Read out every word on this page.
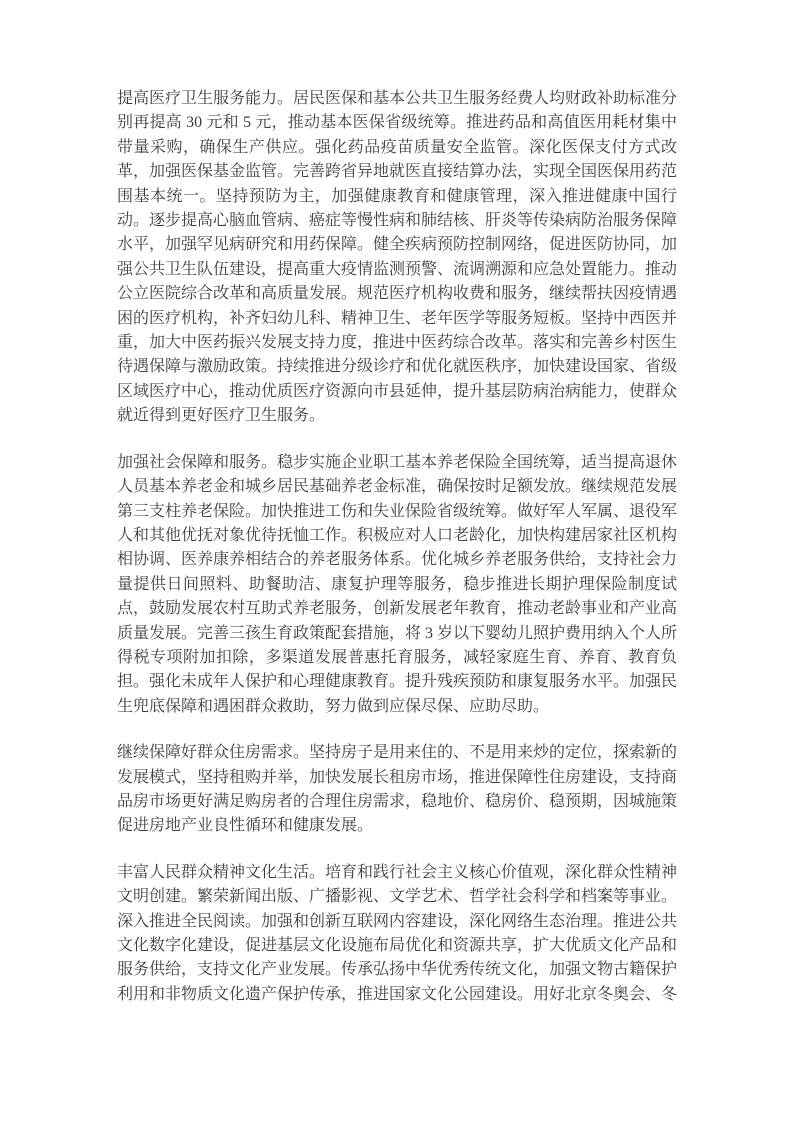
提高医疗卫生服务能力。居民医保和基本公共卫生服务经费人均财政补助标准分别再提高 30 元和 5 元，推动基本医保省级统筹。推进药品和高值医用耗材集中带量采购，确保生产供应。强化药品疫苗质量安全监管。深化医保支付方式改革，加强医保基金监管。完善跨省异地就医直接结算办法，实现全国医保用药范围基本统一。坚持预防为主，加强健康教育和健康管理，深入推进健康中国行动。逐步提高心脑血管病、癌症等慢性病和肺结核、肝炎等传染病防治服务保障水平，加强罕见病研究和用药保障。健全疾病预防控制网络，促进医防协同，加强公共卫生队伍建设，提高重大疫情监测预警、流调溯源和应急处置能力。推动公立医院综合改革和高质量发展。规范医疗机构收费和服务，继续帮扶因疫情遇困的医疗机构，补齐妇幼儿科、精神卫生、老年医学等服务短板。坚持中西医并重，加大中医药振兴发展支持力度，推进中医药综合改革。落实和完善乡村医生待遇保障与激励政策。持续推进分级诊疗和优化就医秩序，加快建设国家、省级区域医疗中心，推动优质医疗资源向市县延伸，提升基层防病治病能力，使群众就近得到更好医疗卫生服务。

加强社会保障和服务。稳步实施企业职工基本养老保险全国统筹，适当提高退休人员基本养老金和城乡居民基础养老金标准，确保按时足额发放。继续规范发展第三支柱养老保险。加快推进工伤和失业保险省级统筹。做好军人军属、退役军人和其他优抚对象优待抚恤工作。积极应对人口老龄化，加快构建居家社区机构相协调、医养康养相结合的养老服务体系。优化城乡养老服务供给，支持社会力量提供日间照料、助餐助洁、康复护理等服务，稳步推进长期护理保险制度试点，鼓励发展农村互助式养老服务，创新发展老年教育，推动老龄事业和产业高质量发展。完善三孩生育政策配套措施，将 3 岁以下婴幼儿照护费用纳入个人所得税专项附加扣除，多渠道发展普惠托育服务，减轻家庭生育、养育、教育负担。强化未成年人保护和心理健康教育。提升残疾预防和康复服务水平。加强民生兜底保障和遇困群众救助，努力做到应保尽保、应助尽助。

继续保障好群众住房需求。坚持房子是用来住的、不是用来炒的定位，探索新的发展模式，坚持租购并举，加快发展长租房市场，推进保障性住房建设，支持商品房市场更好满足购房者的合理住房需求，稳地价、稳房价、稳预期，因城施策促进房地产业良性循环和健康发展。

丰富人民群众精神文化生活。培育和践行社会主义核心价值观，深化群众性精神文明创建。繁荣新闻出版、广播影视、文学艺术、哲学社会科学和档案等事业。深入推进全民阅读。加强和创新互联网内容建设，深化网络生态治理。推进公共文化数字化建设，促进基层文化设施布局优化和资源共享，扩大优质文化产品和服务供给，支持文化产业发展。传承弘扬中华优秀传统文化，加强文物古籍保护利用和非物质文化遗产保护传承，推进国家文化公园建设。用好北京冬奥会、冬
